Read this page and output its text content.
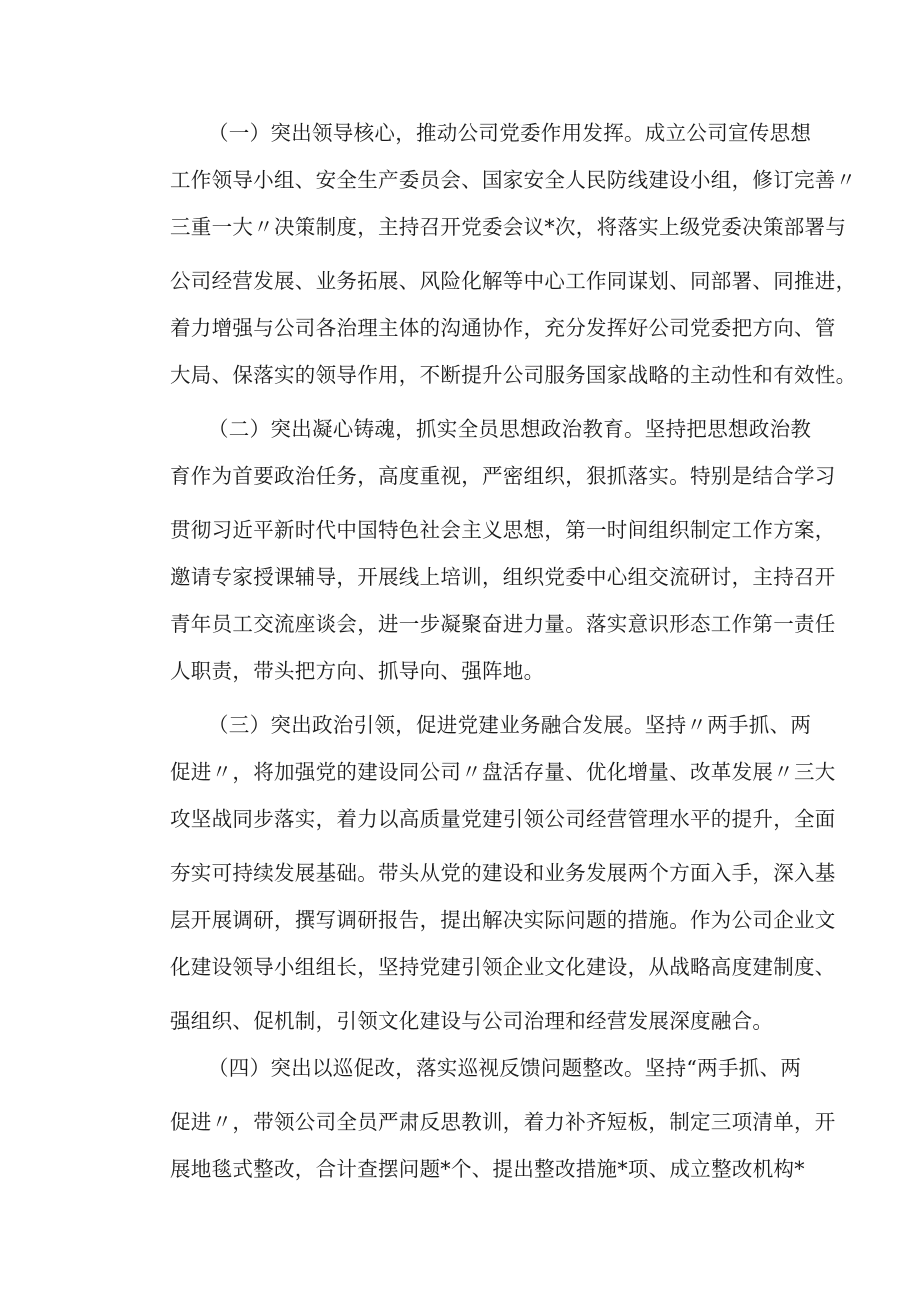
（一）突出领导核心，推动公司党委作用发挥。成立公司宣传思想
工作领导小组、安全生产委员会、国家安全人民防线建设小组，修订完善〃
三重一大〃决策制度，主持召开党委会议*次，将落实上级党委决策部署与
公司经营发展、业务拓展、风险化解等中心工作同谋划、同部署、同推进，
着力增强与公司各治理主体的沟通协作，充分发挥好公司党委把方向、管
大局、保落实的领导作用，不断提升公司服务国家战略的主动性和有效性。
（二）突出凝心铸魂，抓实全员思想政治教育。坚持把思想政治教
育作为首要政治任务，高度重视，严密组织，狠抓落实。特别是结合学习
贯彻习近平新时代中国特色社会主义思想，第一时间组织制定工作方案，
邀请专家授课辅导，开展线上培训，组织党委中心组交流研讨，主持召开
青年员工交流座谈会，进一步凝聚奋进力量。落实意识形态工作第一责任
人职责，带头把方向、抓导向、强阵地。
（三）突出政治引领，促进党建业务融合发展。坚持〃两手抓、两
促进〃，将加强党的建设同公司〃盘活存量、优化增量、改革发展〃三大
攻坚战同步落实，着力以高质量党建引领公司经营管理水平的提升，全面
夯实可持续发展基础。带头从党的建设和业务发展两个方面入手，深入基
层开展调研，撰写调研报告，提出解决实际问题的措施。作为公司企业文
化建设领导小组组长，坚持党建引领企业文化建设，从战略高度建制度、
强组织、促机制，引领文化建设与公司治理和经营发展深度融合。
（四）突出以巡促改，落实巡视反馈问题整改。坚持“两手抓、两
促进〃，带领公司全员严肃反思教训，着力补齐短板，制定三项清单，开
展地毯式整改，合计查摆问题*个、提出整改措施*项、成立整改机构*
